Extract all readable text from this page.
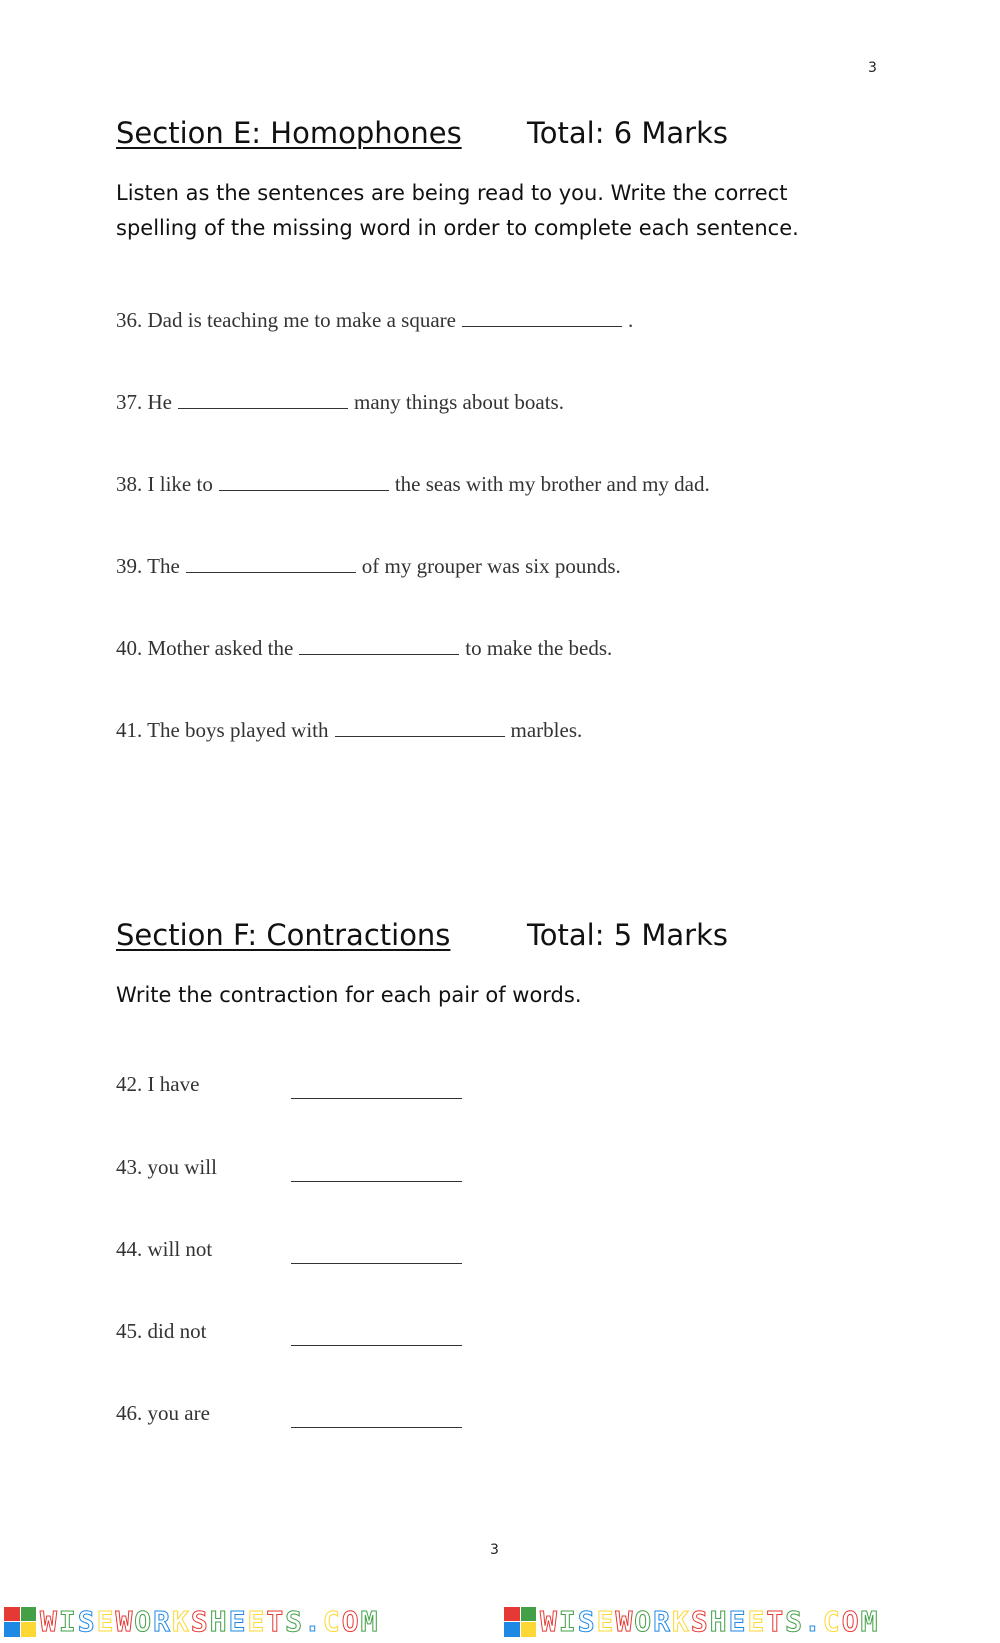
3
Section E: Homophones Total: 6 Marks
Listen as the sentences are being read to you. Write the correct spelling of the missing word in order to complete each sentence.
36. Dad is teaching me to make a square	.
37. He	many things about boats.
38. I like to	the seas with my brother and my dad.
39. The	of my grouper was six pounds.
40. Mother asked the	to make the beds.
41. The boys played with	marbles.
Section F: Contractions	Total: 5 Marks
Write the contraction for each pair of words.
42. I have
43. you will
44. will not
45. did not
46. you are
3
WISEWORKSHEETS.COM	WISEWORKSHEETS.COM
